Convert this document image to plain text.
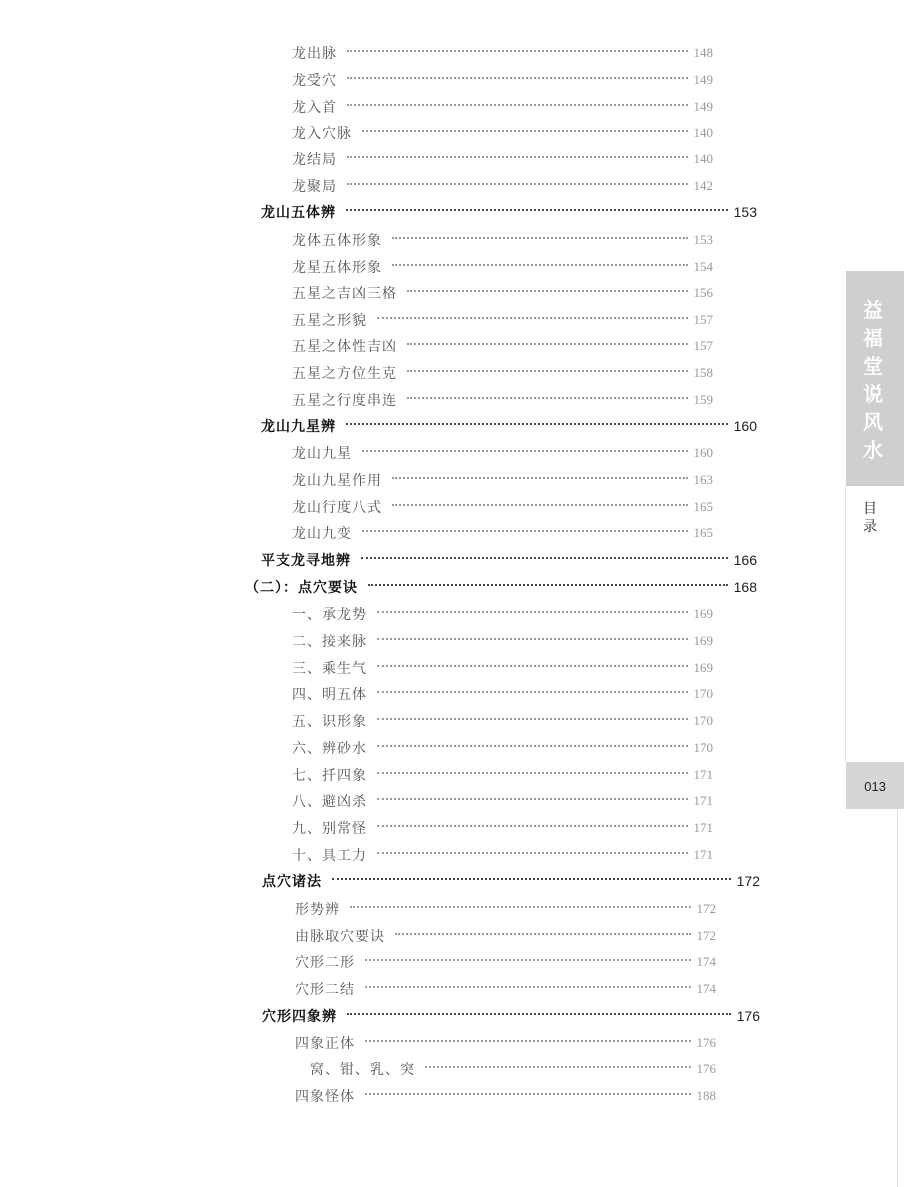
龙出脉	148
龙受穴	149
龙入首	149
龙入穴脉	140
龙结局	140
龙聚局	142
龙山五体辨	153
龙体五体形象	153
龙星五体形象	154
五星之吉凶三格	156
五星之形貌	157
五星之体性吉凶	157
五星之方位生克	158
五星之行度串连	159
龙山九星辨	160
龙山九星	160
龙山九星作用	163
龙山行度八式	165
龙山九变	165
平支龙寻地辨	166
（二）：点穴要诀	168
一、承龙势	169
二、接来脉	169
三、乘生气	169
四、明五体	170
五、识形象	170
六、辨砂水	170
七、扦四象	171
八、避凶杀	171
九、别常怪	171
十、具工力	171
点穴诸法	172
形势辨	172
由脉取穴要诀	172
穴形二形	174
穴形二结	174
穴形四象辨	176
四象正体	176
窝、钳、乳、突	176
四象怪体	188
益福堂说风水
目录
013
